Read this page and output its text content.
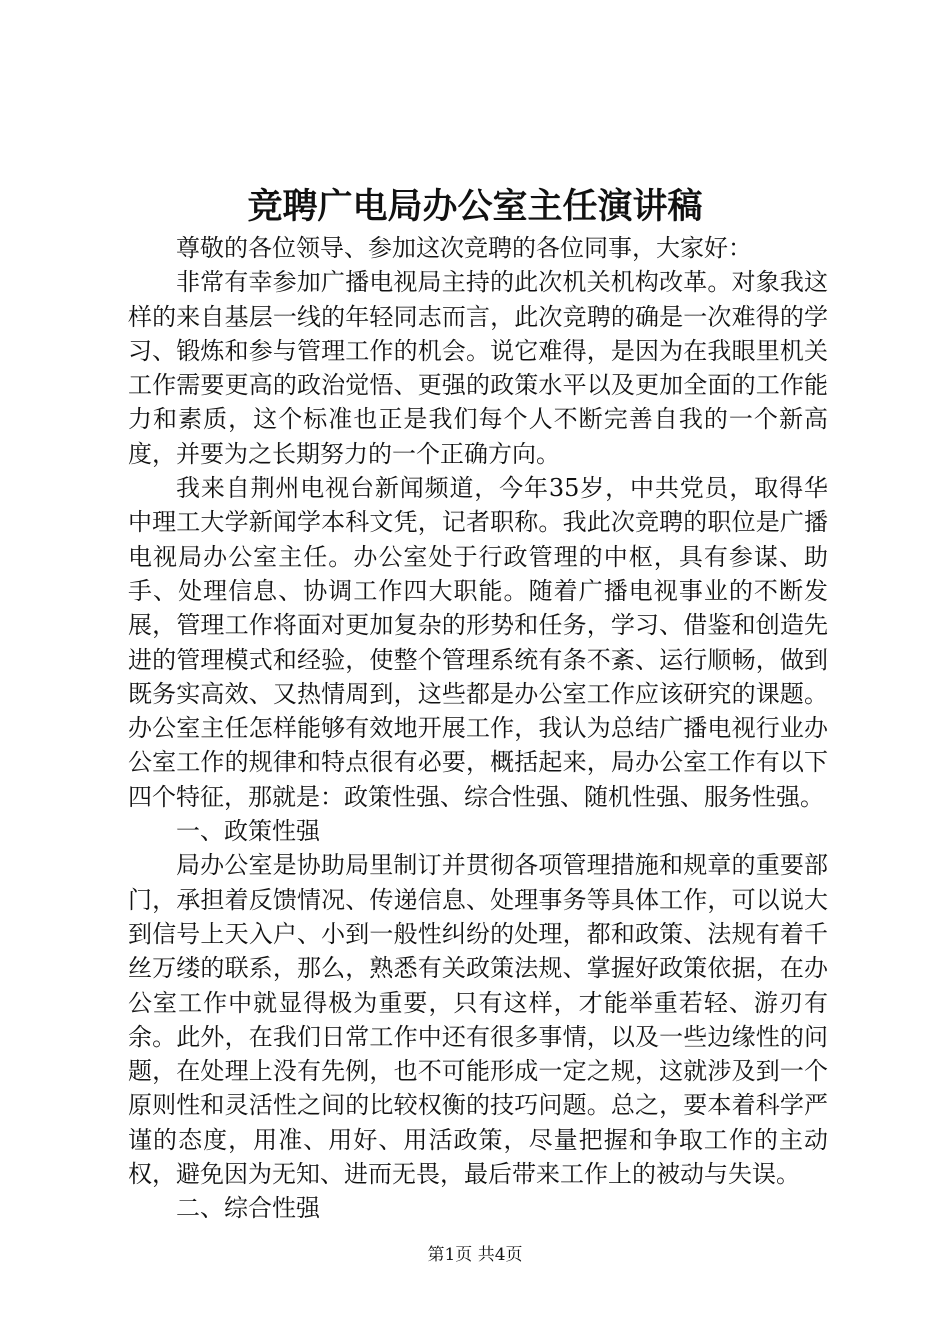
竞聘广电局办公室主任演讲稿

尊敬的各位领导、参加这次竞聘的各位同事，大家好：

非常有幸参加广播电视局主持的此次机关机构改革。对象我这样的来自基层一线的年轻同志而言，此次竞聘的确是一次难得的学习、锻炼和参与管理工作的机会。说它难得，是因为在我眼里机关工作需要更高的政治觉悟、更强的政策水平以及更加全面的工作能力和素质，这个标准也正是我们每个人不断完善自我的一个新高度，并要为之长期努力的一个正确方向。

我来自荆州电视台新闻频道，今年35岁，中共党员，取得华中理工大学新闻学本科文凭，记者职称。我此次竞聘的职位是广播电视局办公室主任。办公室处于行政管理的中枢，具有参谋、助手、处理信息、协调工作四大职能。随着广播电视事业的不断发展，管理工作将面对更加复杂的形势和任务，学习、借鉴和创造先进的管理模式和经验，使整个管理系统有条不紊、运行顺畅，做到既务实高效、又热情周到，这些都是办公室工作应该研究的课题。办公室主任怎样能够有效地开展工作，我认为总结广播电视行业办公室工作的规律和特点很有必要，概括起来，局办公室工作有以下四个特征，那就是：政策性强、综合性强、随机性强、服务性强。

一、政策性强

局办公室是协助局里制订并贯彻各项管理措施和规章的重要部门，承担着反馈情况、传递信息、处理事务等具体工作，可以说大到信号上天入户、小到一般性纠纷的处理，都和政策、法规有着千丝万缕的联系，那么，熟悉有关政策法规、掌握好政策依据，在办公室工作中就显得极为重要，只有这样，才能举重若轻、游刃有余。此外，在我们日常工作中还有很多事情，以及一些边缘性的问题，在处理上没有先例，也不可能形成一定之规，这就涉及到一个原则性和灵活性之间的比较权衡的技巧问题。总之，要本着科学严谨的态度，用准、用好、用活政策，尽量把握和争取工作的主动权，避免因为无知、进而无畏，最后带来工作上的被动与失误。

二、综合性强

第1页 共4页
